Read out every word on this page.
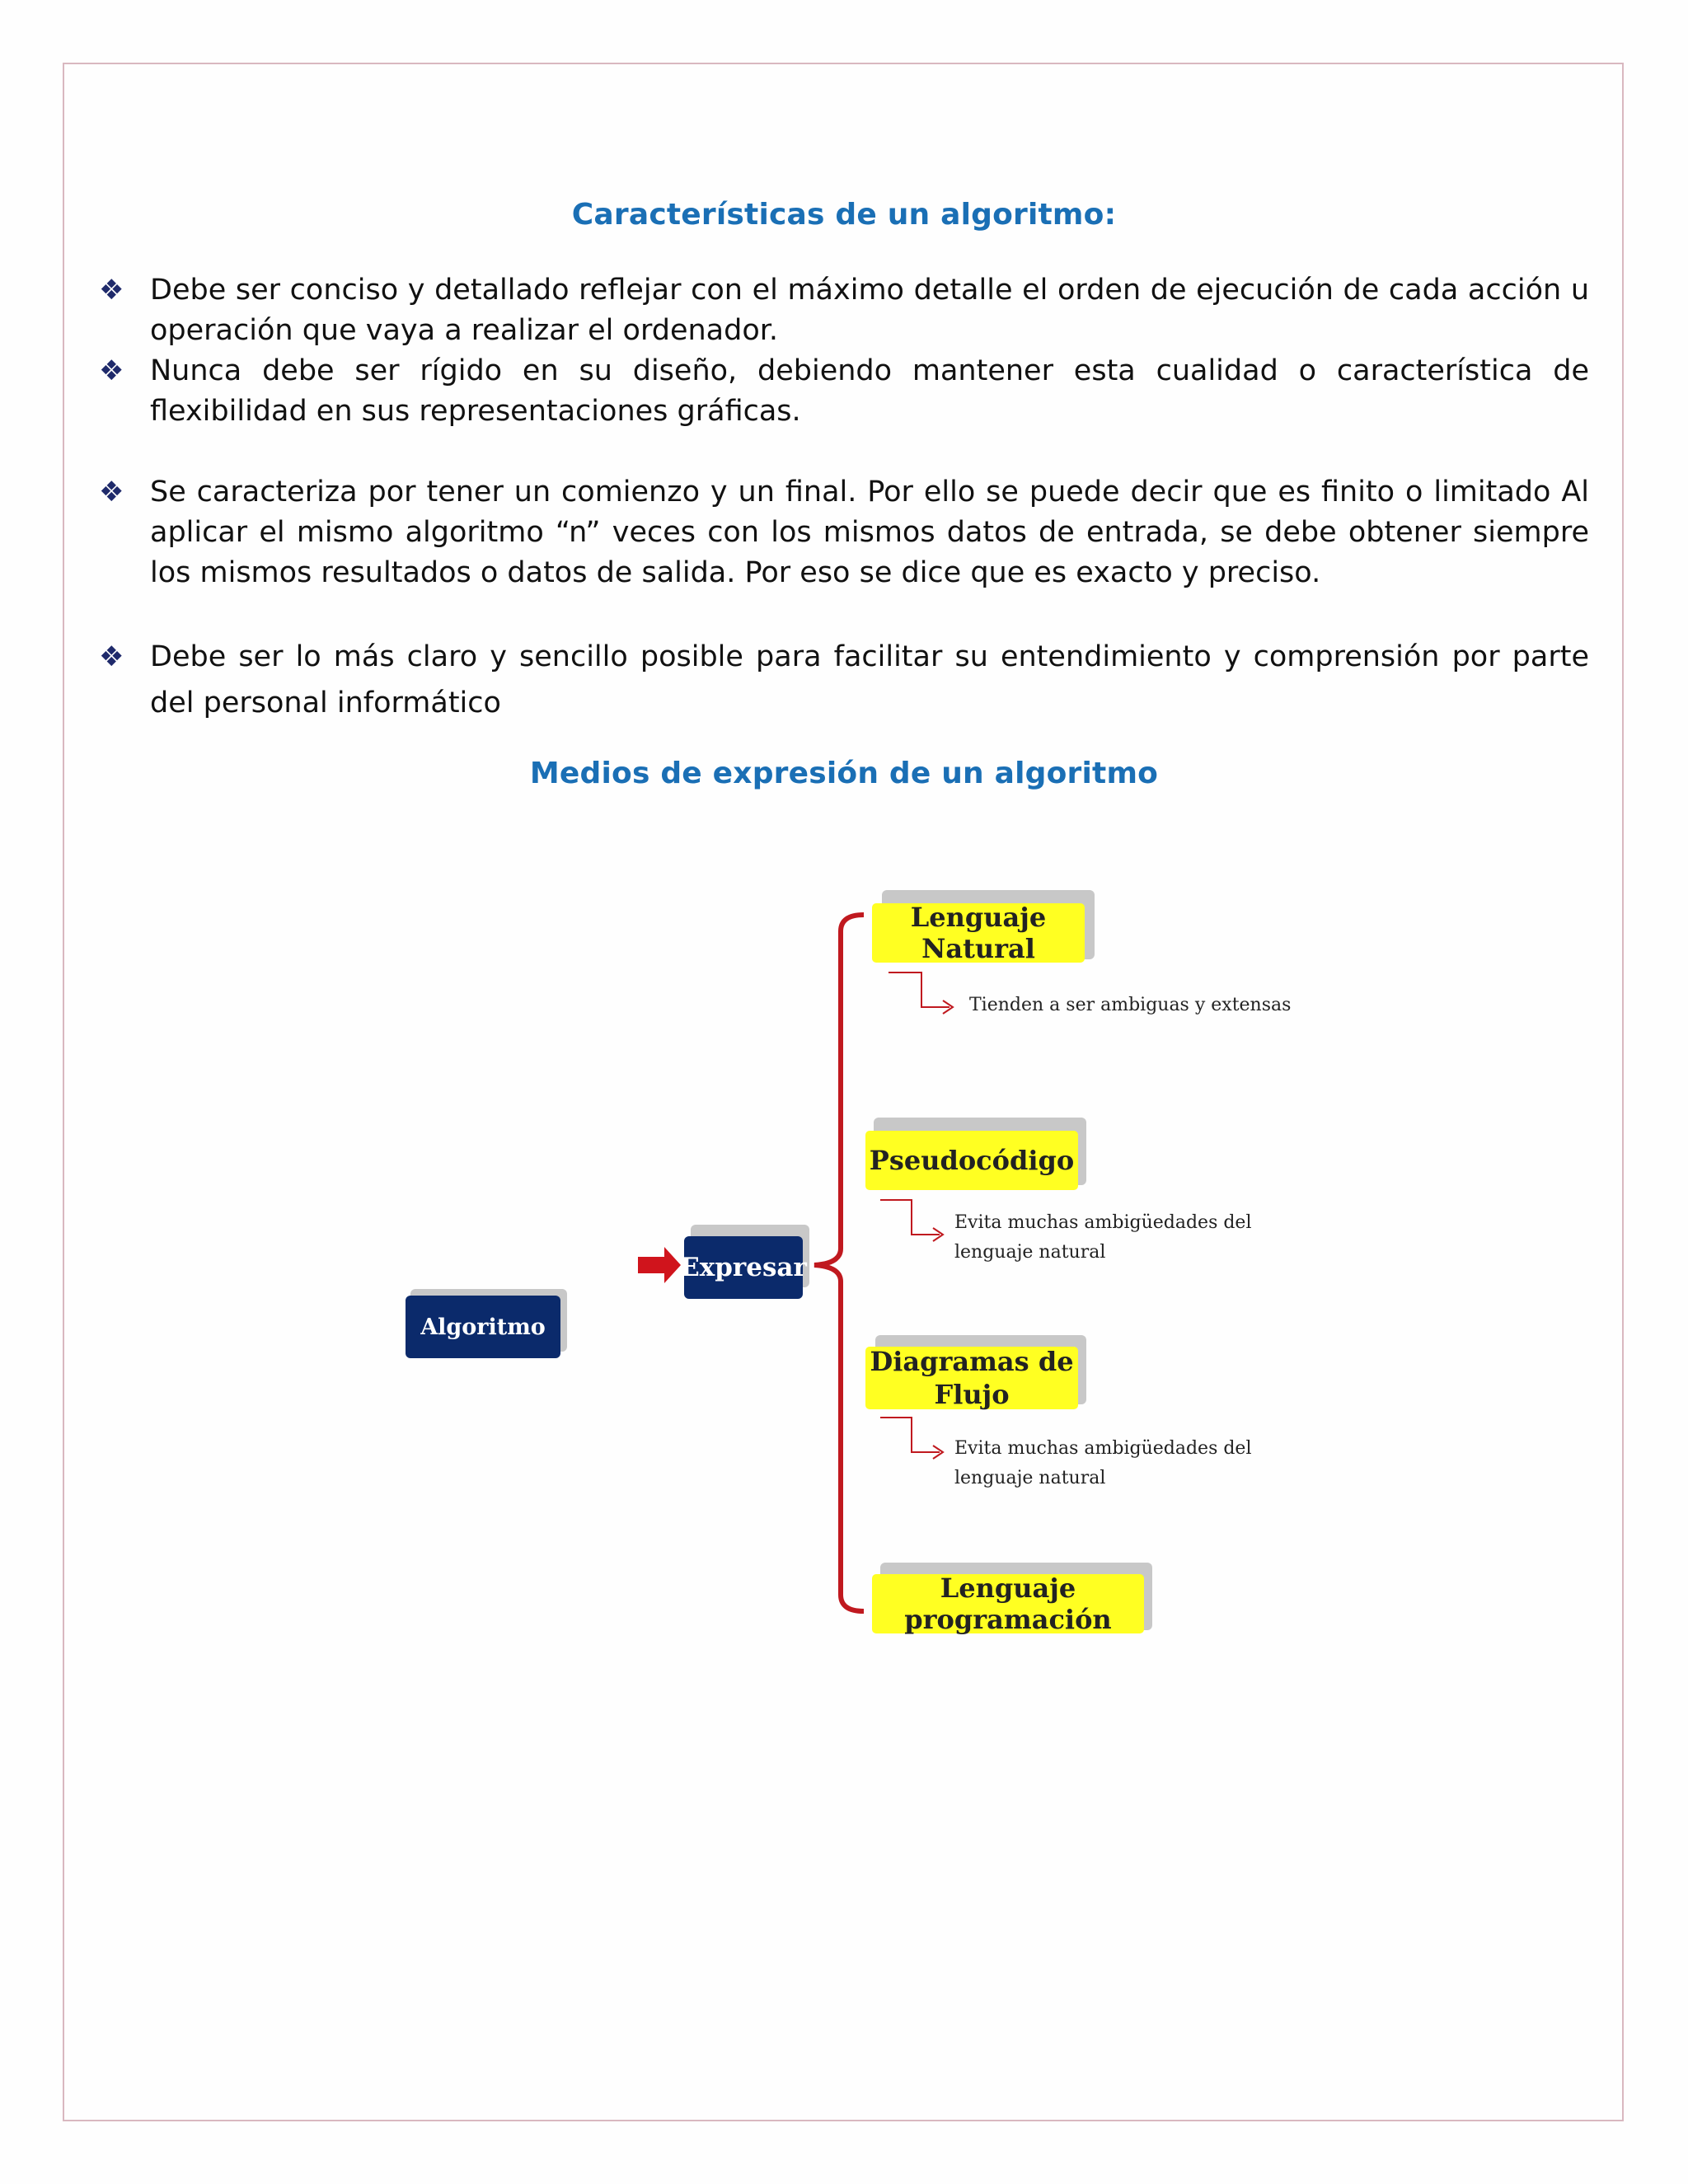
Características de un algoritmo:
❖ Debe ser conciso y detallado reflejar con el máximo detalle el orden de ejecución de cada acción u operación que vaya a realizar el ordenador.
❖ Nunca debe ser rígido en su diseño, debiendo mantener esta cualidad o característica de flexibilidad en sus representaciones gráficas.
❖ Se caracteriza por tener un comienzo y un final. Por ello se puede decir que es finito o limitado Al aplicar el mismo algoritmo “n” veces con los mismos datos de entrada, se debe obtener siempre los mismos resultados o datos de salida. Por eso se dice que es exacto y preciso.
❖ Debe ser lo más claro y sencillo posible para facilitar su entendimiento y comprensión por parte del personal informático
Medios de expresión de un algoritmo
Algoritmo
Expresar
Lenguaje Natural
Tienden a ser ambiguas y extensas
Pseudocódigo
Evita muchas ambigüedades del
lenguaje natural
Diagramas de
Flujo
Evita muchas ambigüedades del
lenguaje natural
Lenguaje programación
